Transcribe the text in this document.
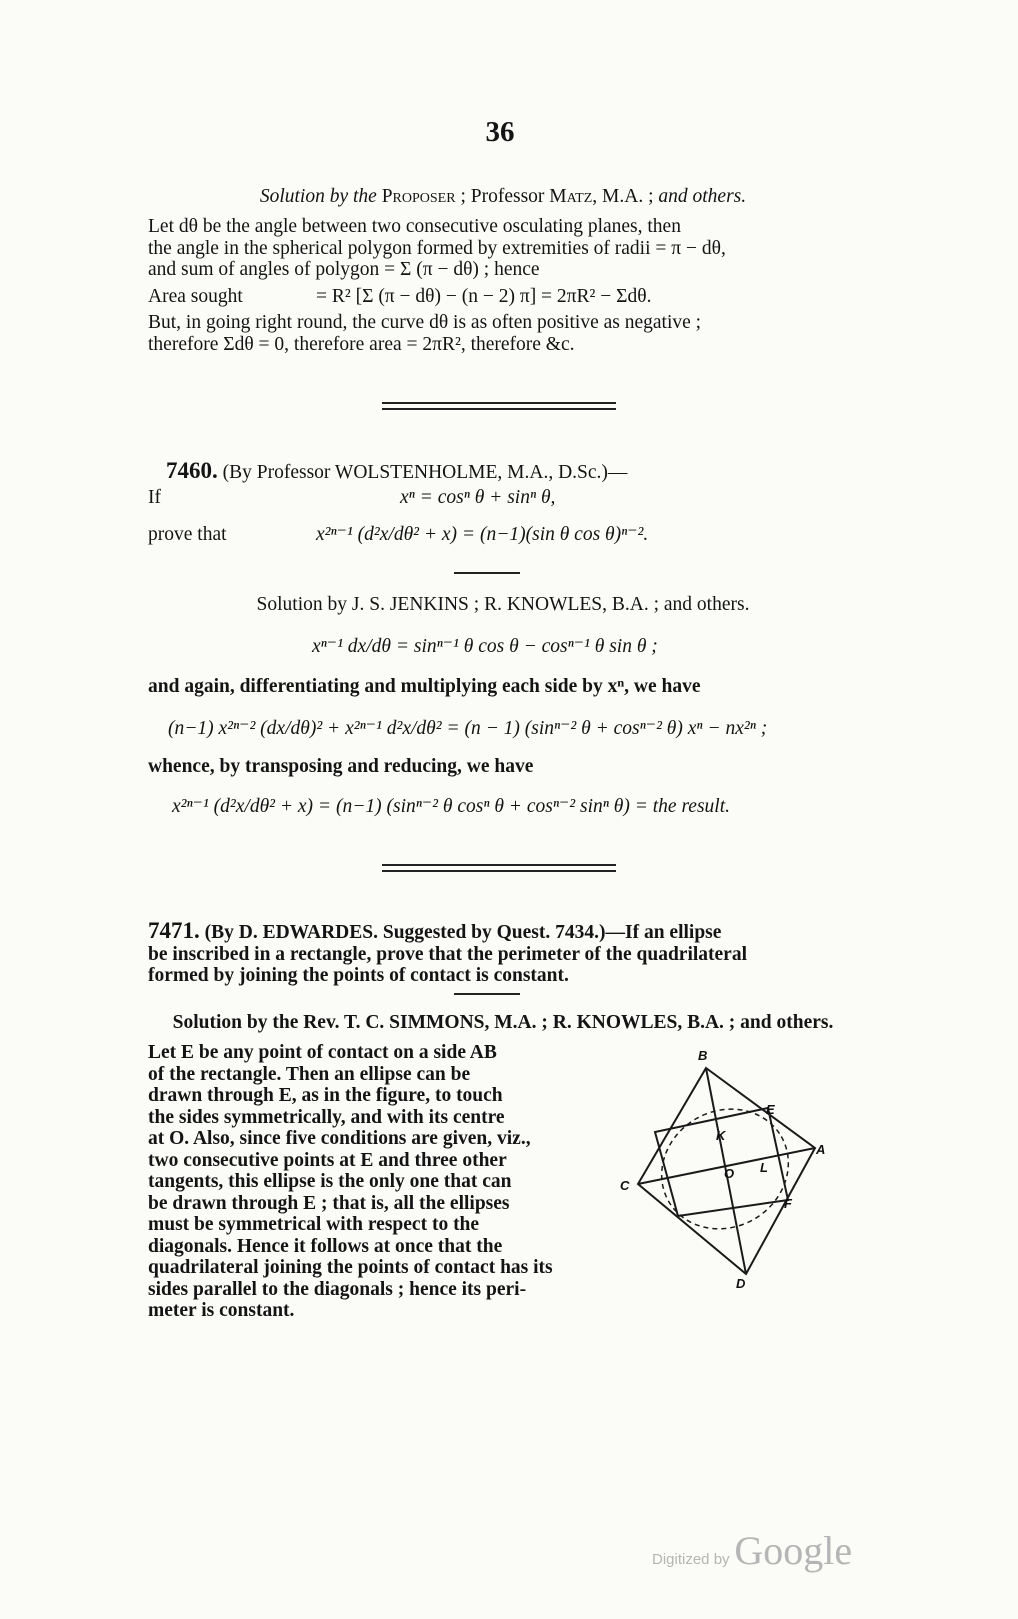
36
Solution by the Proposer ; Professor Matz, M.A. ; and others.
Let dθ be the angle between two consecutive osculating planes, then
the angle in the spherical polygon formed by extremities of radii = π − dθ,
and sum of angles of polygon = Σ (π − dθ) ; hence
Area sought	= R² [Σ (π − dθ) − (n − 2) π] = 2πR² − Σdθ.
But, in going right round, the curve dθ is as often positive as negative ;
therefore Σdθ = 0, therefore area = 2πR², therefore &c.
7460. (By Professor WOLSTENHOLME, M.A., D.Sc.)—
If	xⁿ = cosⁿ θ + sinⁿ θ,
prove that	x²ⁿ⁻¹ (d²x/dθ² + x) = (n−1)(sin θ cos θ)ⁿ⁻².
Solution by J. S. JENKINS ; R. KNOWLES, B.A. ; and others.
xⁿ⁻¹ dx/dθ = sinⁿ⁻¹ θ cos θ − cosⁿ⁻¹ θ sin θ ;
and again, differentiating and multiplying each side by xⁿ, we have
(n−1) x²ⁿ⁻² (dx/dθ)² + x²ⁿ⁻¹ d²x/dθ² = (n − 1) (sinⁿ⁻² θ + cosⁿ⁻² θ) xⁿ − nx²ⁿ ;
whence, by transposing and reducing, we have
x²ⁿ⁻¹ (d²x/dθ² + x) = (n−1) (sinⁿ⁻² θ cosⁿ θ + cosⁿ⁻² sinⁿ θ) = the result.
7471. (By D. EDWARDES. Suggested by Quest. 7434.)—If an ellipse
be inscribed in a rectangle, prove that the perimeter of the quadrilateral
formed by joining the points of contact is constant.
Solution by the Rev. T. C. SIMMONS, M.A. ; R. KNOWLES, B.A. ; and others.
Let E be any point of contact on a side AB
of the rectangle. Then an ellipse can be
drawn through E, as in the figure, to touch
the sides symmetrically, and with its centre
at O. Also, since five conditions are given, viz.,
two consecutive points at E and three other
tangents, this ellipse is the only one that can
be drawn through E ; that is, all the ellipses
must be symmetrical with respect to the
diagonals. Hence it follows at once that the
quadrilateral joining the points of contact has its
sides parallel to the diagonals ; hence its peri-
meter is constant.
B
E
K
A
C
O L
F
D
Digitized by Google
